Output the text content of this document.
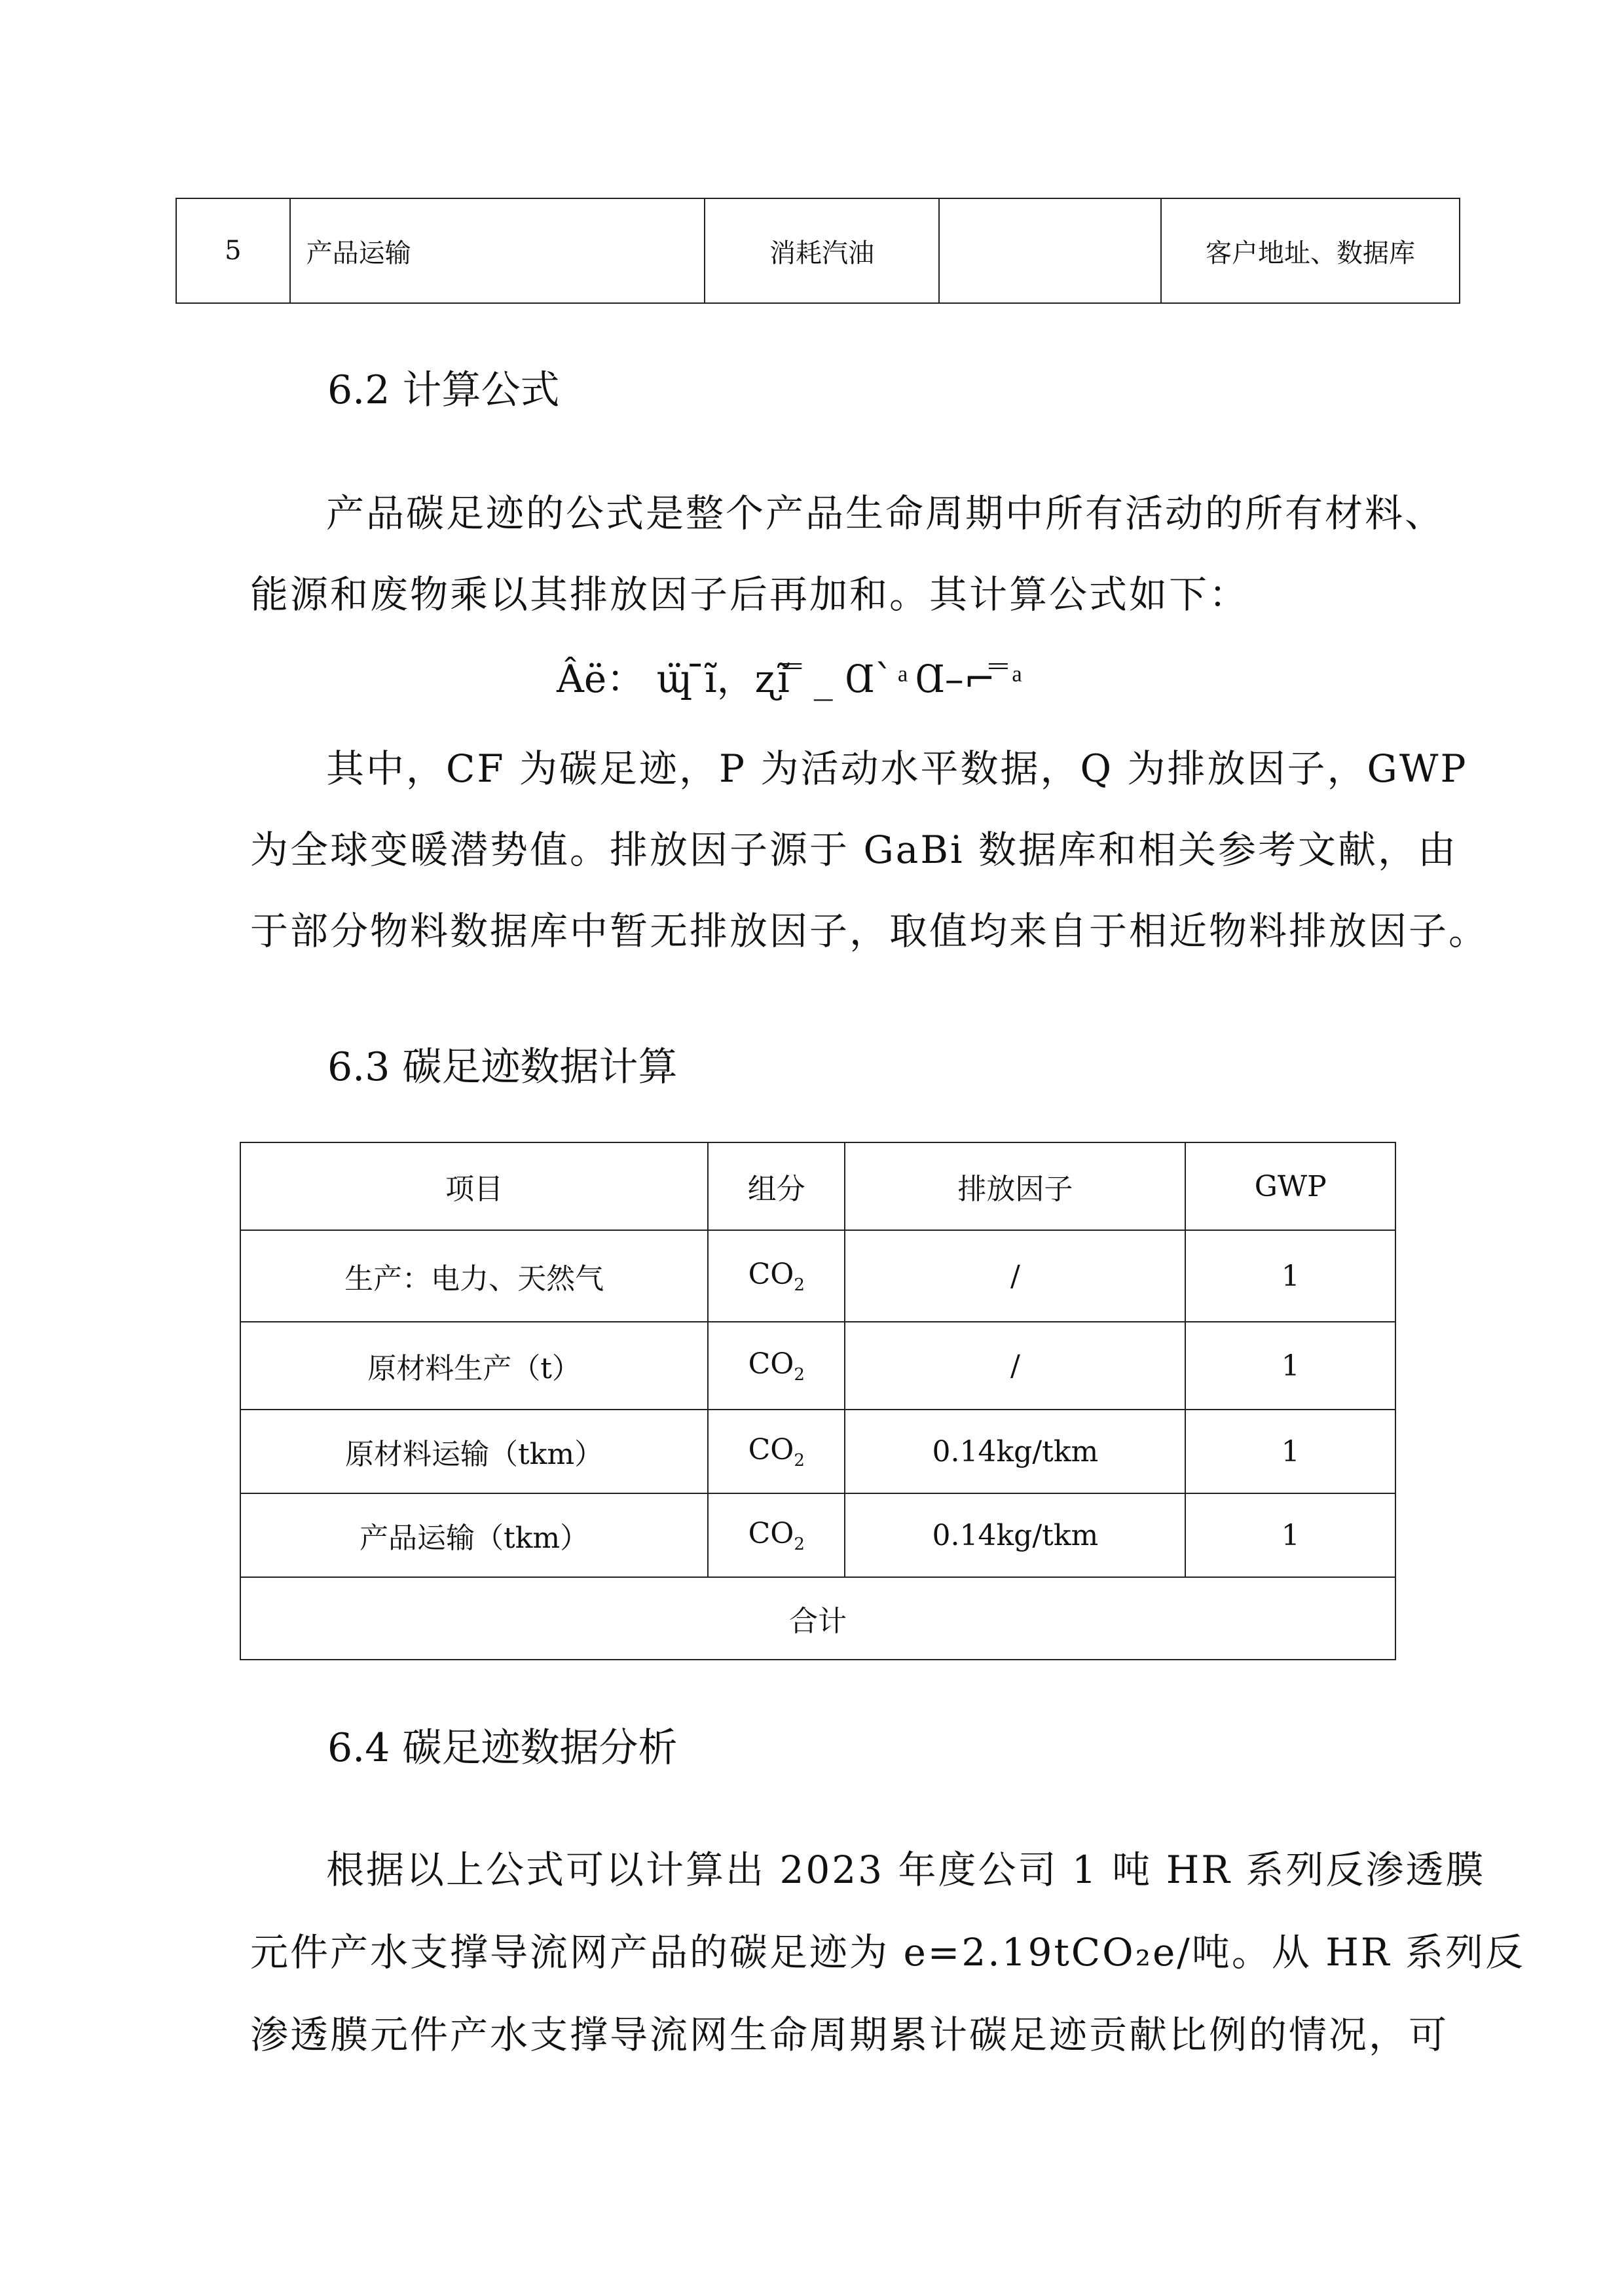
5	产品运输	消耗汽油		客户地址、数据库
6.2 计算公式
产品碳足迹的公式是整个产品生命周期中所有活动的所有材料、
能源和废物乘以其排放因子后再加和。其计算公式如下：
Âë： ɰ̈ ̄ı̃，ʐı̃ ̿ _ Ɑ` ͣ Ɑ–⌐ ̿ ͣ
其中，CF 为碳足迹，P 为活动水平数据，Q 为排放因子，GWP
为全球变暖潜势值。排放因子源于 GaBi 数据库和相关参考文献，由
于部分物料数据库中暂无排放因子，取值均来自于相近物料排放因子。
6.3 碳足迹数据计算
项目	组分	排放因子	GWP
生产：电力、天然气	$CO_2$	/	1
原材料生产（t）	$CO_2$	/	1
原材料运输（tkm）	$CO_2$	0.14kg/tkm	1
产品运输（tkm）	$CO_2$	0.14kg/tkm	1
合计			
6.4 碳足迹数据分析
根据以上公式可以计算出 2023 年度公司 1 吨 HR 系列反渗透膜
元件产水支撑导流网产品的碳足迹为 e=2.19tCO₂e/吨。从 HR 系列反
渗透膜元件产水支撑导流网生命周期累计碳足迹贡献比例的情况，可
